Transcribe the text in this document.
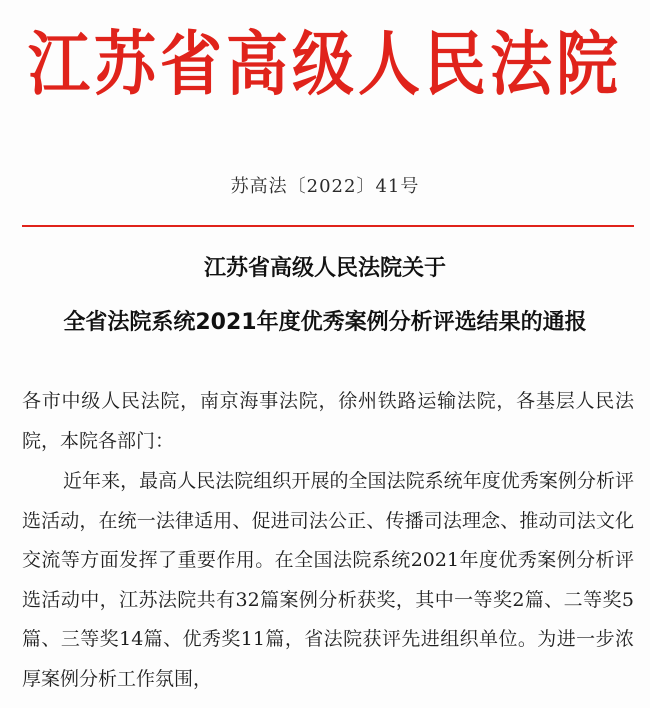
江苏省高级人民法院
苏高法〔2022〕41号
江苏省高级人民法院关于
全省法院系统2021年度优秀案例分析评选结果的通报
各市中级人民法院，南京海事法院，徐州铁路运输法院，各基层人民法院，本院各部门：
近年来，最高人民法院组织开展的全国法院系统年度优秀案例分析评选活动，在统一法律适用、促进司法公正、传播司法理念、推动司法文化交流等方面发挥了重要作用。在全国法院系统2021年度优秀案例分析评选活动中，江苏法院共有32篇案例分析获奖，其中一等奖2篇、二等奖5篇、三等奖14篇、优秀奖11篇，省法院获评先进组织单位。为进一步浓厚案例分析工作氛围，
